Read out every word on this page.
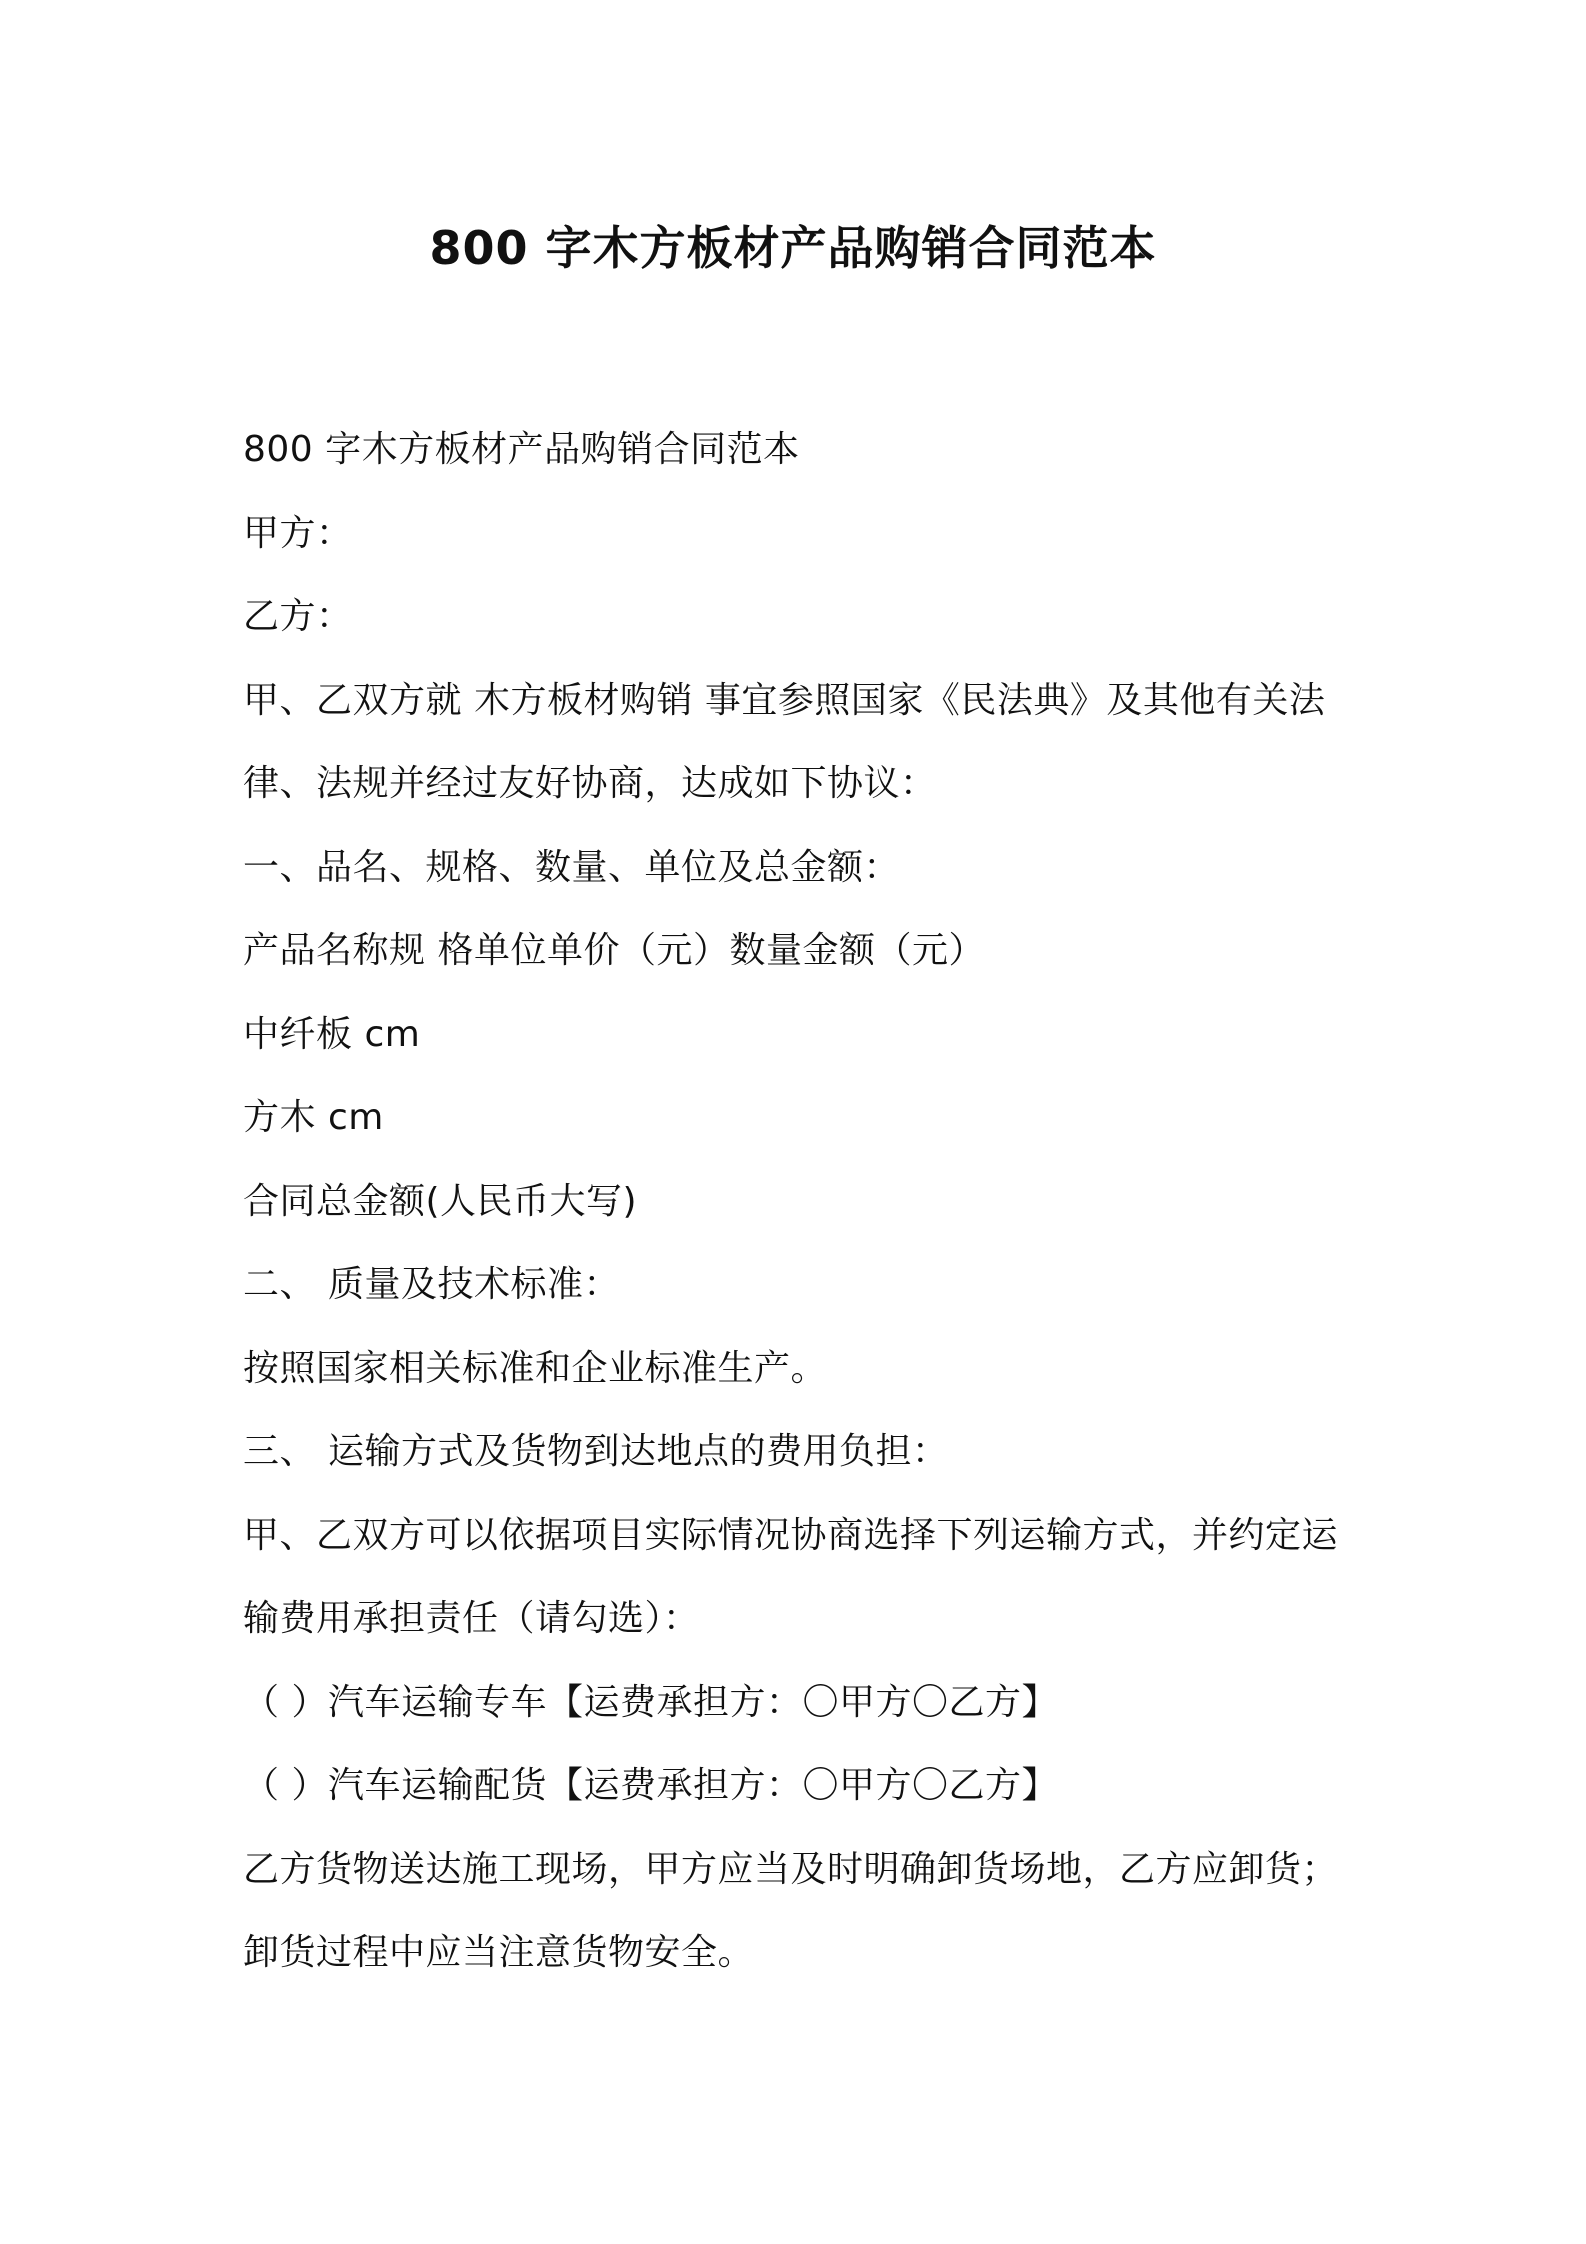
800 字木方板材产品购销合同范本
800 字木方板材产品购销合同范本
甲方：
乙方：
甲、乙双方就 木方板材购销 事宜参照国家《民法典》及其他有关法
律、法规并经过友好协商，达成如下协议：
一、品名、规格、数量、单位及总金额：
产品名称规 格单位单价（元）数量金额（元）
中纤板 cm
方木 cm
合同总金额(人民币大写)
二、 质量及技术标准：
按照国家相关标准和企业标准生产。
三、 运输方式及货物到达地点的费用负担：
甲、乙双方可以依据项目实际情况协商选择下列运输方式，并约定运
输费用承担责任（请勾选）：
（ ）汽车运输专车【运费承担方：〇甲方〇乙方】
（ ）汽车运输配货【运费承担方：〇甲方〇乙方】
乙方货物送达施工现场，甲方应当及时明确卸货场地，乙方应卸货；
卸货过程中应当注意货物安全。
